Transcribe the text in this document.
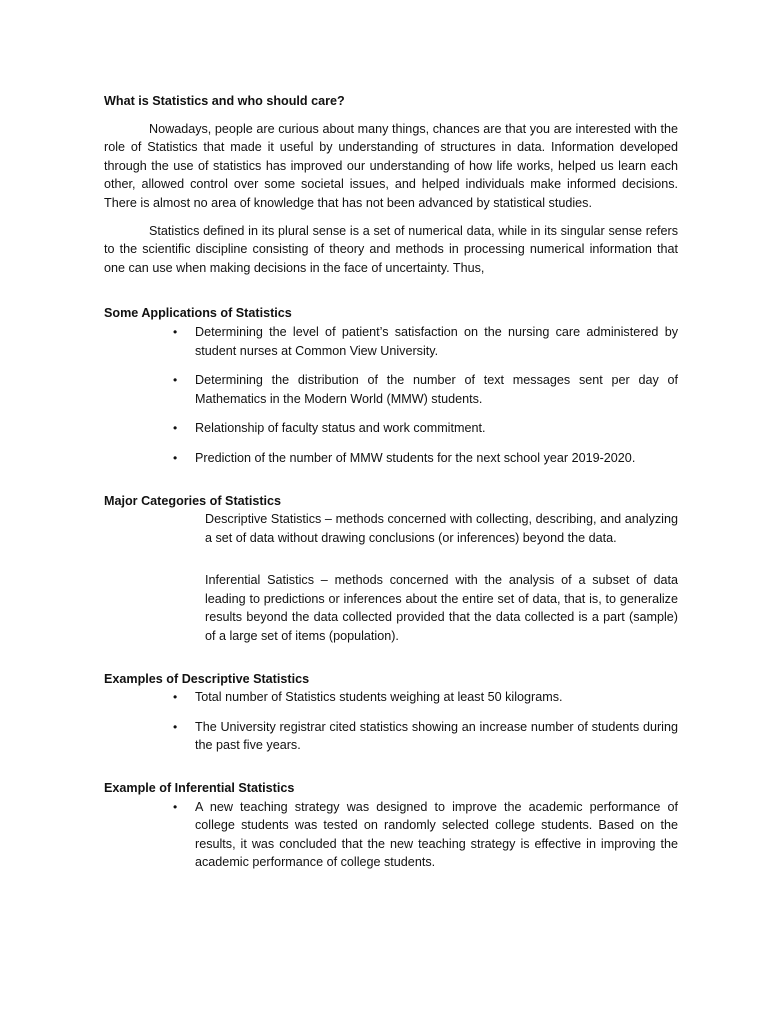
What is Statistics and who should care?

Nowadays, people are curious about many things, chances are that you are interested with the role of Statistics that made it useful by understanding of structures in data. Information developed through the use of statistics has improved our understanding of how life works, helped us learn each other, allowed control over some societal issues, and helped individuals make informed decisions. There is almost no area of knowledge that has not been advanced by statistical studies.

Statistics defined in its plural sense is a set of numerical data, while in its singular sense refers to the scientific discipline consisting of theory and methods in processing numerical information that one can use when making decisions in the face of uncertainty. Thus,

Some Applications of Statistics

• Determining the level of patient’s satisfaction on the nursing care administered by student nurses at Common View University.
• Determining the distribution of the number of text messages sent per day of Mathematics in the Modern World (MMW) students.
• Relationship of faculty status and work commitment.
• Prediction of the number of MMW students for the next school year 2019-2020.

Major Categories of Statistics

Descriptive Statistics – methods concerned with collecting, describing, and analyzing a set of data without drawing conclusions (or inferences) beyond the data.

Inferential Satistics – methods concerned with the analysis of a subset of data leading to predictions or inferences about the entire set of data, that is, to generalize results beyond the data collected provided that the data collected is a part (sample) of a large set of items (population).

Examples of Descriptive Statistics

• Total number of Statistics students weighing at least 50 kilograms.
• The University registrar cited statistics showing an increase number of students during the past five years.

Example of Inferential Statistics

• A new teaching strategy was designed to improve the academic performance of college students was tested on randomly selected college students. Based on the results, it was concluded that the new teaching strategy is effective in improving the academic performance of college students.
